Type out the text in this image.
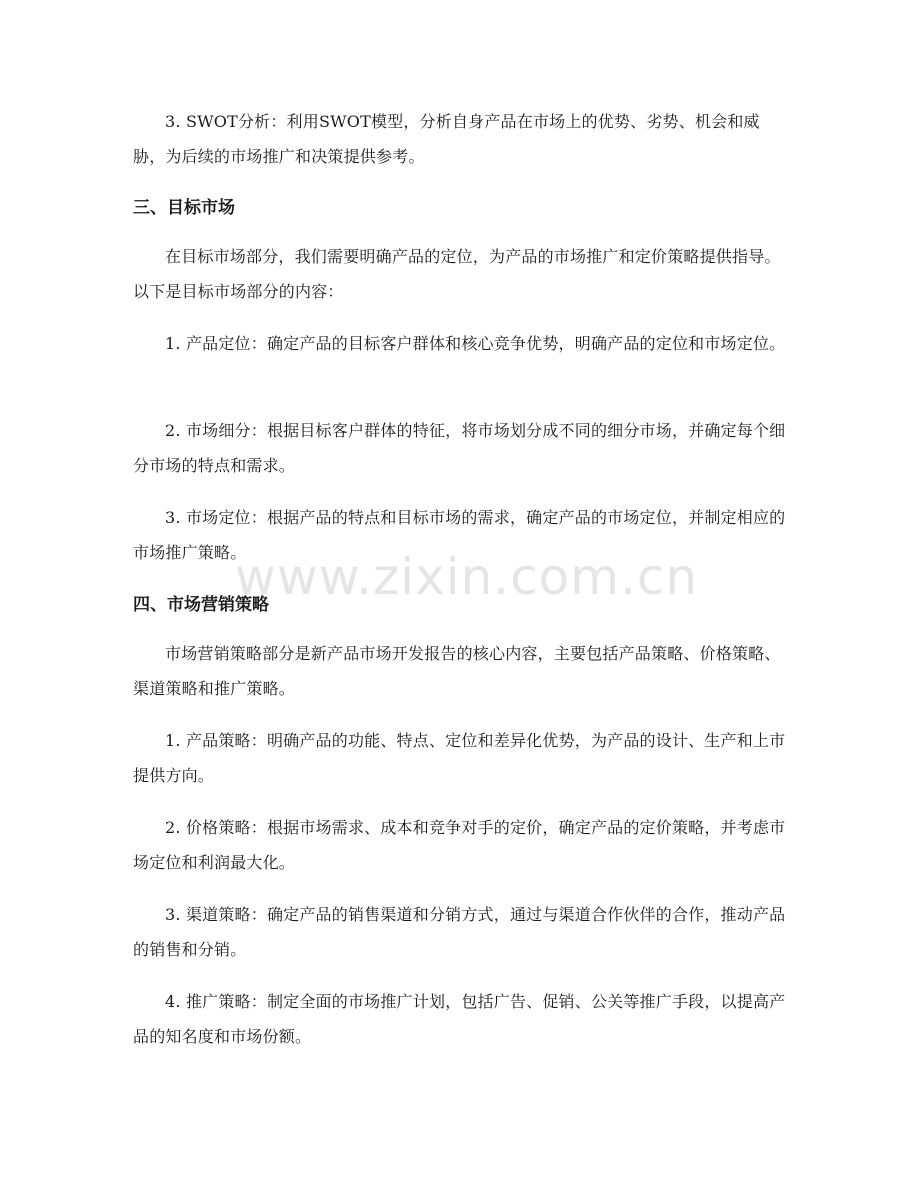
3. SWOT分析：利用SWOT模型，分析自身产品在市场上的优势、劣势、机会和威胁，为后续的市场推广和决策提供参考。

三、目标市场

在目标市场部分，我们需要明确产品的定位，为产品的市场推广和定价策略提供指导。以下是目标市场部分的内容：

1. 产品定位：确定产品的目标客户群体和核心竞争优势，明确产品的定位和市场定位。

2. 市场细分：根据目标客户群体的特征，将市场划分成不同的细分市场，并确定每个细分市场的特点和需求。

3. 市场定位：根据产品的特点和目标市场的需求，确定产品的市场定位，并制定相应的市场推广策略。

四、市场营销策略

市场营销策略部分是新产品市场开发报告的核心内容，主要包括产品策略、价格策略、渠道策略和推广策略。

1. 产品策略：明确产品的功能、特点、定位和差异化优势，为产品的设计、生产和上市提供方向。

2. 价格策略：根据市场需求、成本和竞争对手的定价，确定产品的定价策略，并考虑市场定位和利润最大化。

3. 渠道策略：确定产品的销售渠道和分销方式，通过与渠道合作伙伴的合作，推动产品的销售和分销。

4. 推广策略：制定全面的市场推广计划，包括广告、促销、公关等推广手段，以提高产品的知名度和市场份额。

www.zixin.com.cn
